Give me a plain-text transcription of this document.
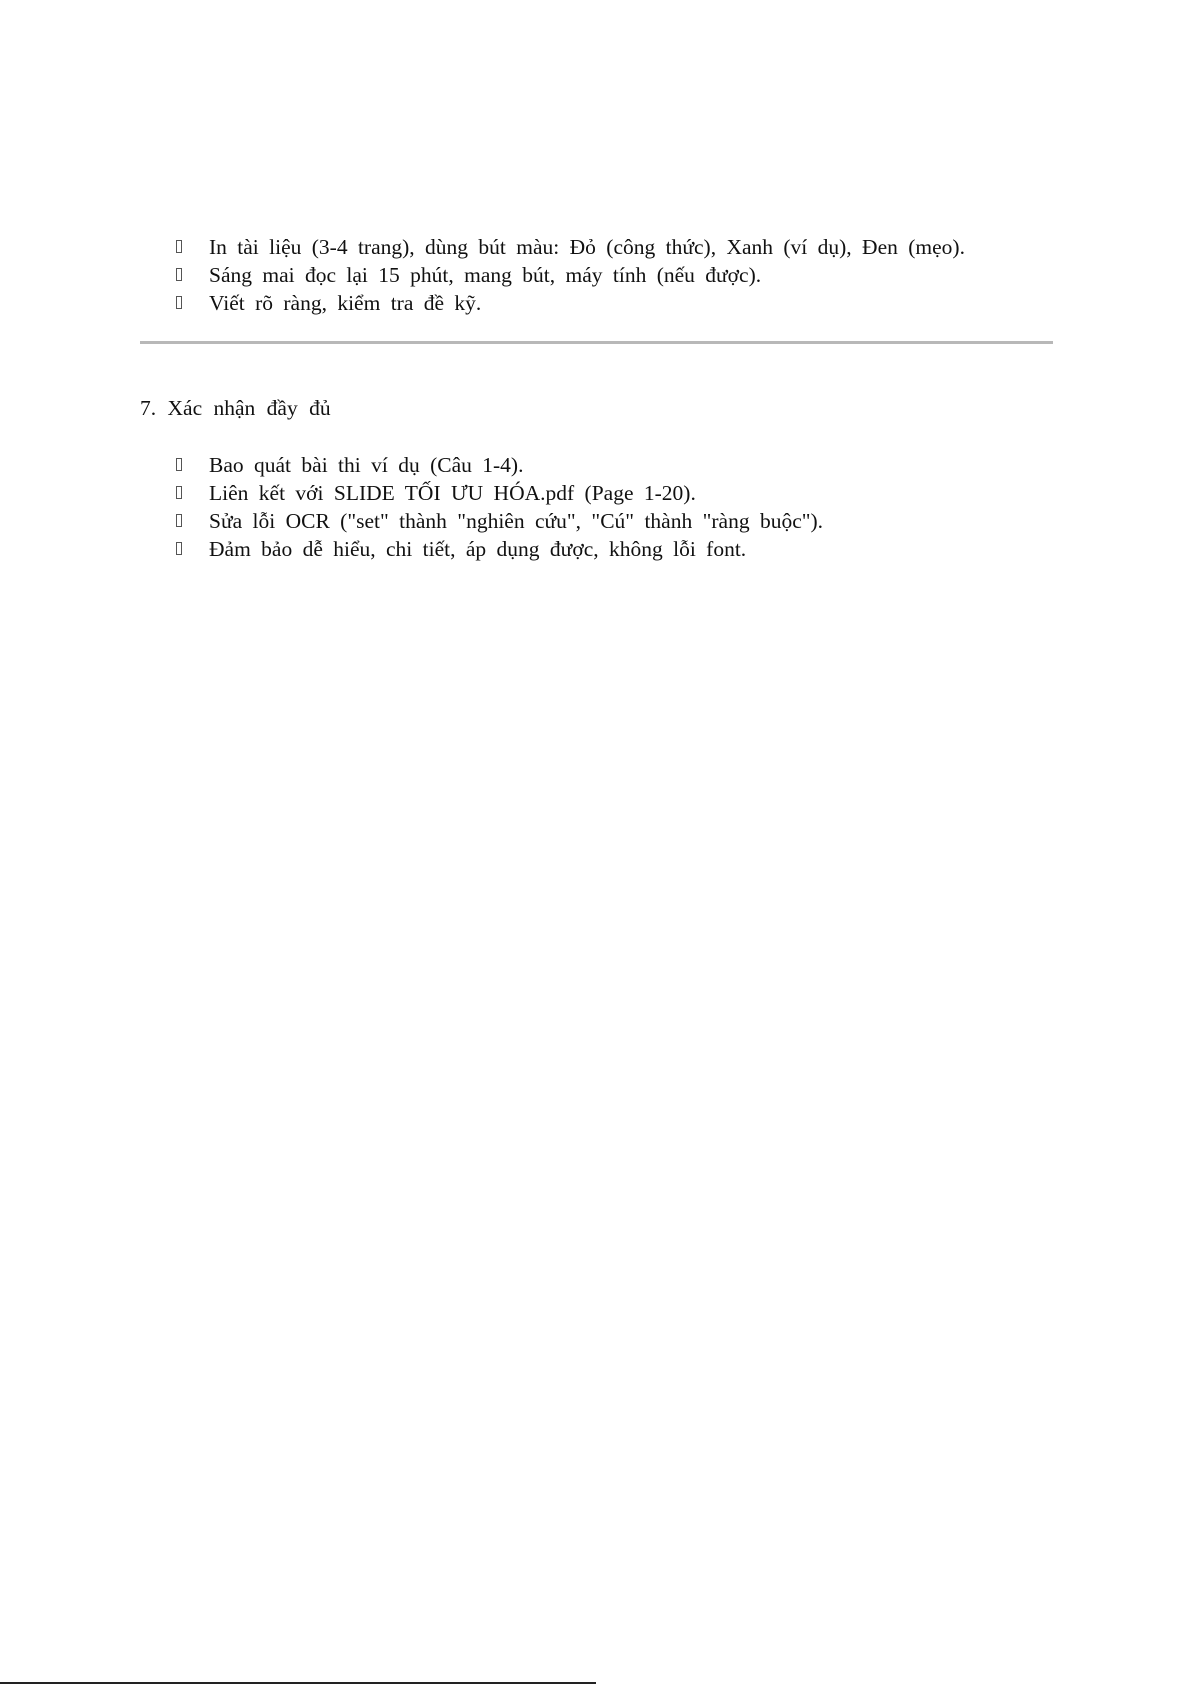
In tài liệu (3-4 trang), dùng bút màu: Đỏ (công thức), Xanh (ví dụ), Đen (mẹo).
Sáng mai đọc lại 15 phút, mang bút, máy tính (nếu được).
Viết rõ ràng, kiểm tra đề kỹ.
7. Xác nhận đầy đủ
Bao quát bài thi ví dụ (Câu 1-4).
Liên kết với SLIDE TỐI ƯU HÓA.pdf (Page 1-20).
Sửa lỗi OCR ("set" thành "nghiên cứu", "Cú" thành "ràng buộc").
Đảm bảo dễ hiểu, chi tiết, áp dụng được, không lỗi font.
